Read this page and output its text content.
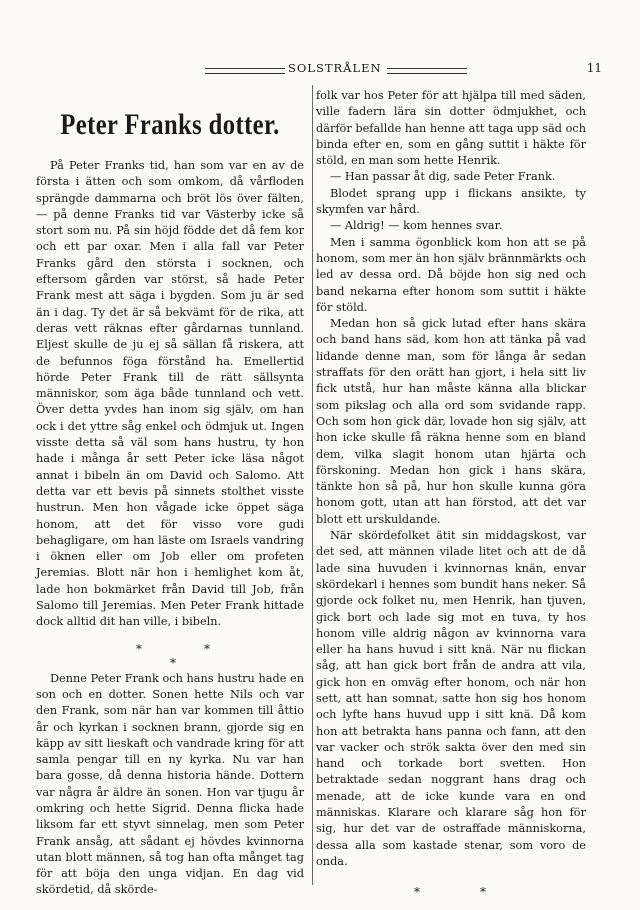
SOLSTRÅLEN	11
Peter Franks dotter.

På Peter Franks tid, han som var en av de första i ätten och som omkom, då vårfloden sprängde dammarna och bröt lös över fälten, — på denne Franks tid var Västerby icke så stort som nu. På sin höjd födde det då fem kor och ett par oxar. Men i alla fall var Peter Franks gård den största i socknen, och eftersom gården var störst, så hade Peter Frank mest att säga i bygden. Som ju är sed än i dag. Ty det är så bekvämt för de rika, att deras vett räknas efter gårdarnas tunnland. Eljest skulle de ju ej så sällan få riskera, att de befunnos föga förstånd ha. Emellertid hörde Peter Frank till de rätt sällsynta människor, som äga både tunnland och vett. Över detta yvdes han inom sig själv, om han ock i det yttre såg enkel och ödmjuk ut. Ingen visste detta så väl som hans hustru, ty hon hade i många år sett Peter icke läsa något annat i bibeln än om David och Salomo. Att detta var ett bevis på sinnets stolthet visste hustrun. Men hon vågade icke öppet säga honom, att det för visso vore gudi behagligare, om han läste om Israels vandring i öknen eller om Job eller om profeten Jeremias. Blott när hon i hemlighet kom åt, lade hon bokmärket från David till Job, från Salomo till Jeremias. Men Peter Frank hittade dock alltid dit han ville, i bibeln.

*	*
*

Denne Peter Frank och hans hustru hade en son och en dotter. Sonen hette Nils och var den Frank, som när han var kommen till åttio år och kyrkan i socknen brann, gjorde sig en käpp av sitt lieskaft och vandrade kring för att samla pengar till en ny kyrka. Nu var han bara gosse, då denna historia hände. Dottern var några år äldre än sonen. Hon var tjugu år omkring och hette Sigrid. Denna flicka hade liksom far ett styvt sinnelag, men som Peter Frank ansåg, att sådant ej hövdes kvinnorna utan blott männen, så tog han ofta månget tag för att böja den unga vidjan. En dag vid skördetid, då skörde-

folk var hos Peter för att hjälpa till med säden, ville fadern lära sin dotter ödmjukhet, och därför befallde han henne att taga upp säd och binda efter en, som en gång suttit i häkte för stöld, en man som hette Henrik.

— Han passar åt dig, sade Peter Frank.

Blodet sprang upp i flickans ansikte, ty skymfen var hård.

— Aldrig! — kom hennes svar.

Men i samma ögonblick kom hon att se på honom, som mer än hon själv brännmärkts och led av dessa ord. Då böjde hon sig ned och band nekarna efter honom som suttit i häkte för stöld.

Medan hon så gick lutad efter hans skära och band hans säd, kom hon att tänka på vad lidande denne man, som för långa år sedan straffats för den orätt han gjort, i hela sitt liv fick utstå, hur han måste känna alla blickar som pikslag och alla ord som svidande rapp. Och som hon gick där, lovade hon sig själv, att hon icke skulle få räkna henne som en bland dem, vilka slagit honom utan hjärta och förskoning. Medan hon gick i hans skära, tänkte hon så på, hur hon skulle kunna göra honom gott, utan att han förstod, att det var blott ett urskuldande.

När skördefolket ätit sin middagskost, var det sed, att männen vilade litet och att de då lade sina huvuden i kvinnornas knän, envar skördekarl i hennes som bundit hans neker. Så gjorde ock folket nu, men Henrik, han tjuven, gick bort och lade sig mot en tuva, ty hos honom ville aldrig någon av kvinnorna vara eller ha hans huvud i sitt knä. När nu flickan såg, att han gick bort från de andra att vila, gick hon en omväg efter honom, och när hon sett, att han somnat, satte hon sig hos honom och lyfte hans huvud upp i sitt knä. Då kom hon att betrakta hans panna och fann, att den var vacker och strök sakta över den med sin hand och torkade bort svetten. Hon betraktade sedan noggrant hans drag och menade, att de icke kunde vara en ond människas. Klarare och klarare såg hon för sig, hur det var de ostraffade människorna, dessa alla som kastade stenar, som voro de onda.

*	*
